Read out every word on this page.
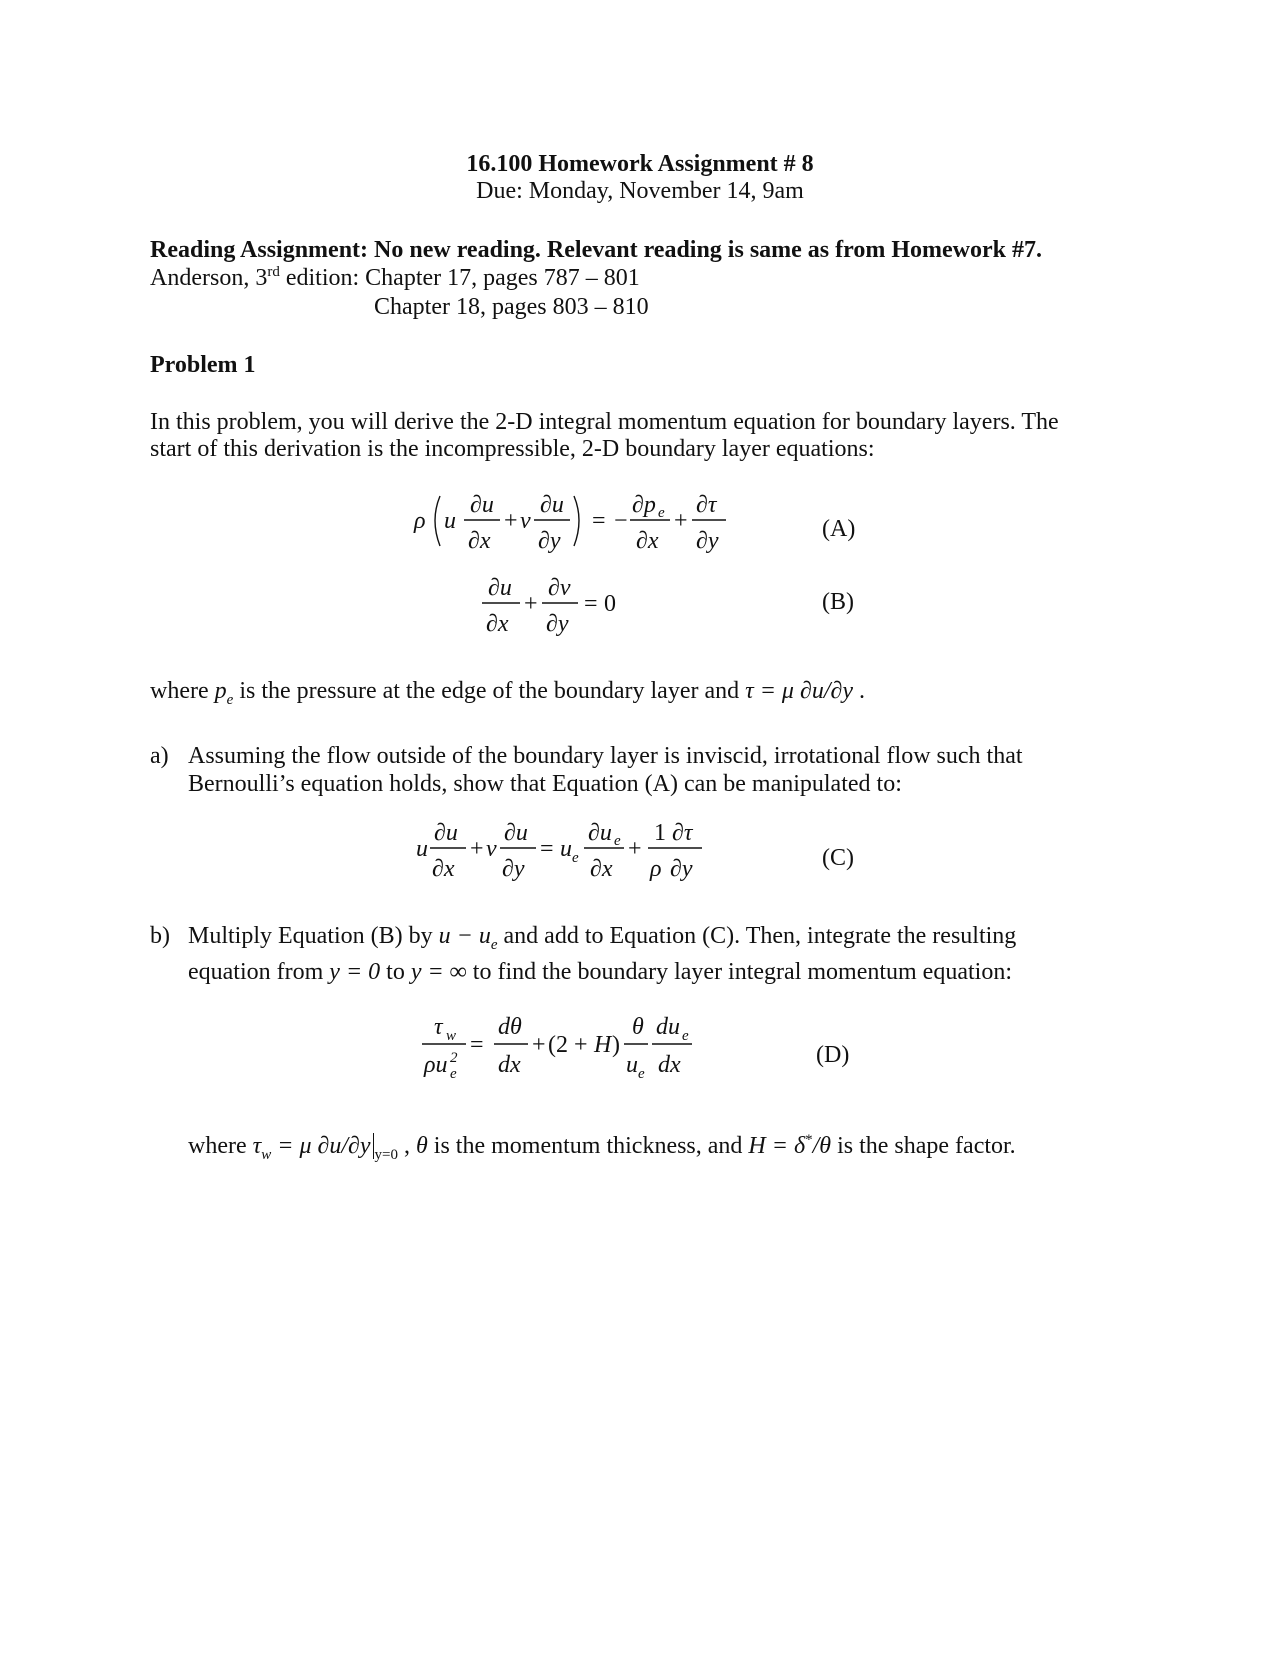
16.100 Homework Assignment # 8
Due: Monday, November 14, 9am
Reading Assignment: No new reading. Relevant reading is same as from Homework #7.
Anderson, 3rd edition: Chapter 17, pages 787 – 801
Chapter 18, pages 803 – 810
Problem 1
In this problem, you will derive the 2-D integral momentum equation for boundary layers. The
start of this derivation is the incompressible, 2-D boundary layer equations:
ρ u
∂u
∂x
+ v
∂u
∂y
= −
∂p e
∂x
+
∂τ
∂y	(A)
∂u
∂x
+
∂v
∂y
= 0	(B)
where $p_e$ is the pressure at the edge of the boundary layer and τ = μ ∂u/∂y .
a) Assuming the flow outside of the boundary layer is inviscid, irrotational flow such that
Bernoulli’s equation holds, show that Equation (A) can be manipulated to:
u
∂u
∂x
+ v
∂u
∂y
= u e
∂u e
∂x
+
1 ∂τ
ρ ∂y	(C)
b) Multiply Equation (B) by $u - u_e$ and add to Equation (C). Then, integrate the resulting
equation from y = 0 to y = ∞ to find the boundary layer integral momentum equation:
τ w
ρu 2
e
=
dθ
dx
+ (2 + H )
θ
u e
du e
dx	(D)
where $\tau_w = \mu$ ∂u/∂y $_{y=0}$ , θ is the momentum thickness, and H = δ*/θ is the shape factor.
